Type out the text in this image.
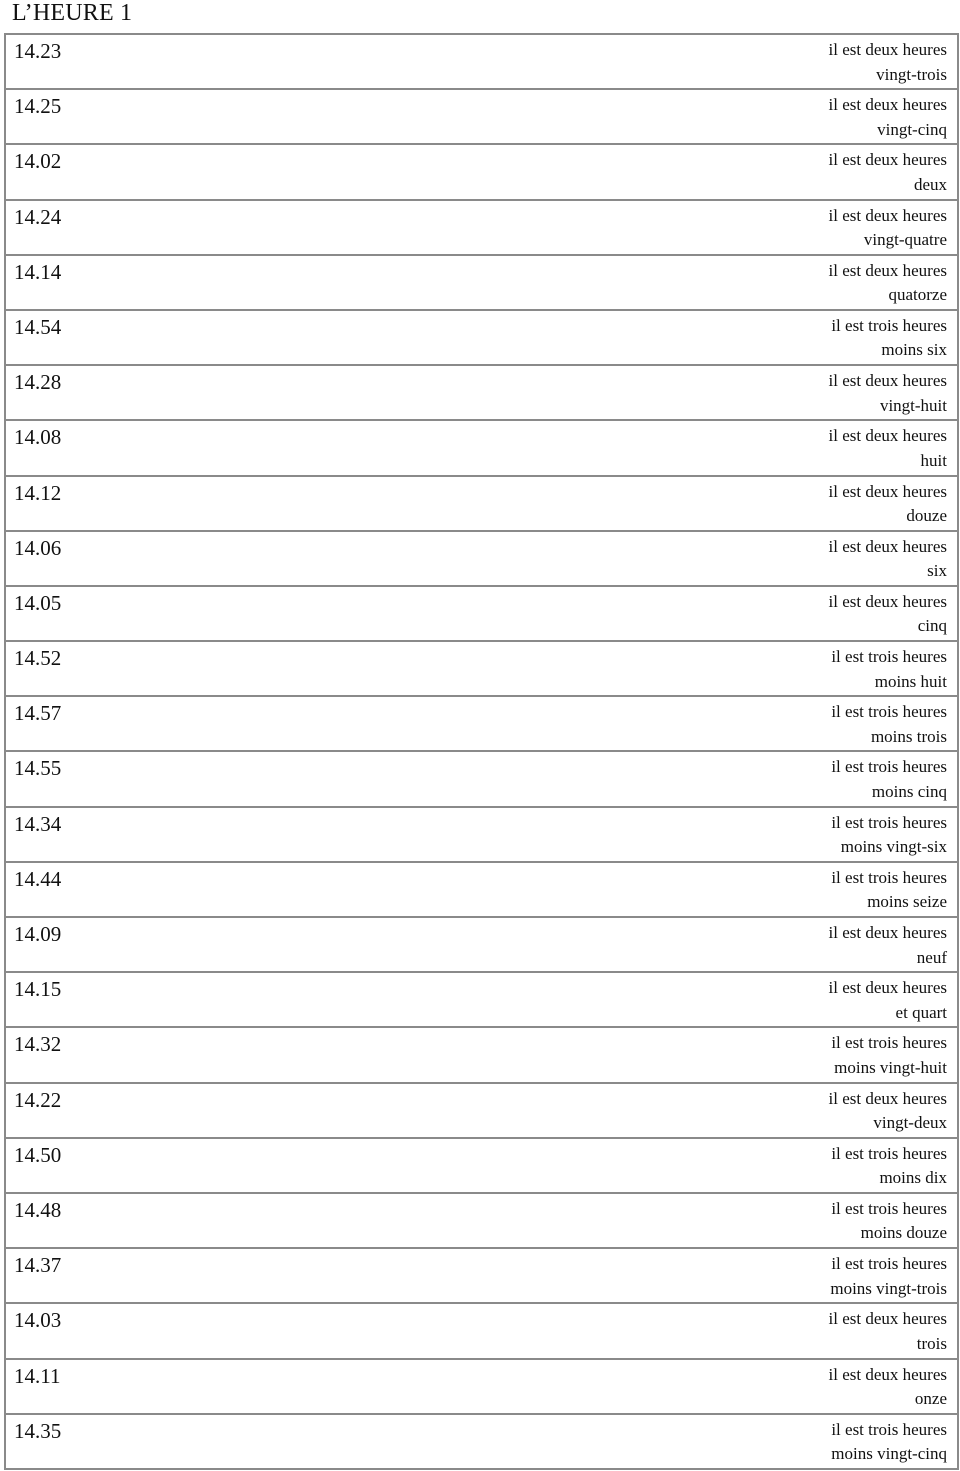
L’HEURE 1
14.23	il est deux heures
vingt-trois
14.25	il est deux heures
vingt-cinq
14.02	il est deux heures
deux
14.24	il est deux heures
vingt-quatre
14.14	il est deux heures
quatorze
14.54	il est trois heures
moins six
14.28	il est deux heures
vingt-huit
14.08	il est deux heures
huit
14.12	il est deux heures
douze
14.06	il est deux heures
six
14.05	il est deux heures
cinq
14.52	il est trois heures
moins huit
14.57	il est trois heures
moins trois
14.55	il est trois heures
moins cinq
14.34	il est trois heures
moins vingt-six
14.44	il est trois heures
moins seize
14.09	il est deux heures
neuf
14.15	il est deux heures
et quart
14.32	il est trois heures
moins vingt-huit
14.22	il est deux heures
vingt-deux
14.50	il est trois heures
moins dix
14.48	il est trois heures
moins douze
14.37	il est trois heures
moins vingt-trois
14.03	il est deux heures
trois
14.11	il est deux heures
onze
14.35	il est trois heures
moins vingt-cinq
